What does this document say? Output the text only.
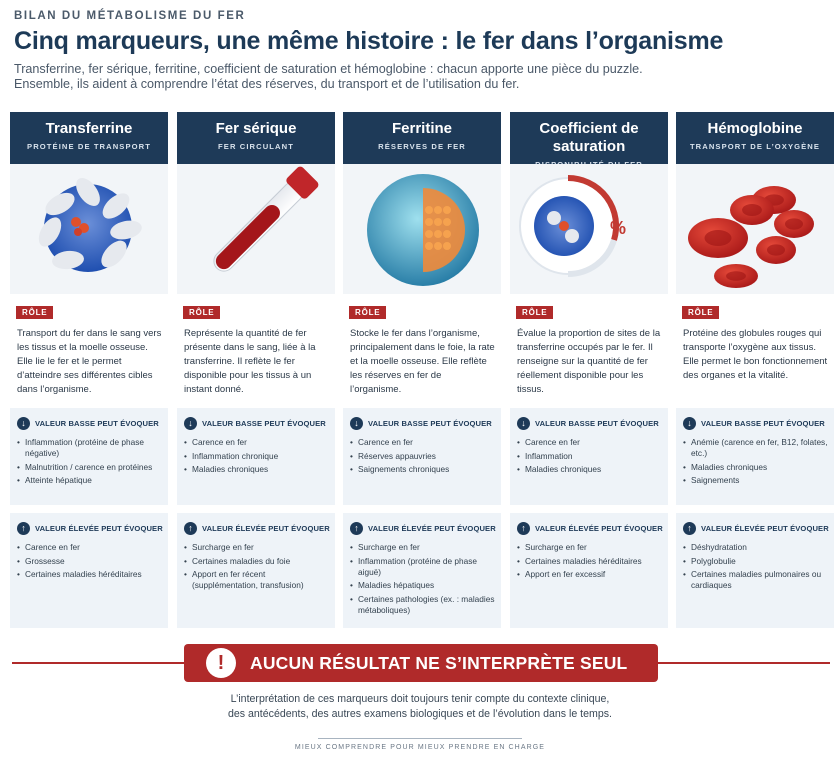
BILAN DU MÉTABOLISME DU FER
Cinq marqueurs, une même histoire : le fer dans l’organisme
Transferrine, fer sérique, ferritine, coefficient de saturation et hémoglobine : chacun apporte une pièce du puzzle.
Ensemble, ils aident à comprendre l’état des réserves, du transport et de l’utilisation du fer.
Transferrine
PROTÉINE DE TRANSPORT
RÔLE
Transport du fer dans le sang vers les tissus et la moelle osseuse. Elle lie le fer et le permet d’atteindre ses différentes cibles dans l’organisme.
↓	VALEUR BASSE PEUT ÉVOQUER
• Inflammation (protéine de phase négative)
• Malnutrition / carence en protéines
• Atteinte hépatique
↑	VALEUR ÉLEVÉE PEUT ÉVOQUER
• Carence en fer
• Grossesse
• Certaines maladies héréditaires
Fer sérique
FER CIRCULANT
RÔLE
Représente la quantité de fer présente dans le sang, liée à la transferrine. Il reflète le fer disponible pour les tissus à un instant donné.
↓	VALEUR BASSE PEUT ÉVOQUER
• Carence en fer
• Inflammation chronique
• Maladies chroniques
↑	VALEUR ÉLEVÉE PEUT ÉVOQUER
• Surcharge en fer
• Certaines maladies du foie
• Apport en fer récent (supplémentation, transfusion)
Ferritine
RÉSERVES DE FER
RÔLE
Stocke le fer dans l’organisme, principalement dans le foie, la rate et la moelle osseuse. Elle reflète les réserves en fer de l’organisme.
↓	VALEUR BASSE PEUT ÉVOQUER
• Carence en fer
• Réserves appauvries
• Saignements chroniques
↑	VALEUR ÉLEVÉE PEUT ÉVOQUER
• Surcharge en fer
• Inflammation (protéine de phase aiguë)
• Maladies hépatiques
• Certaines pathologies (ex. : maladies métaboliques)
Coefficient de saturation
%
RÔLE
Évalue la proportion de sites de la transferrine occupés par le fer. Il renseigne sur la quantité de fer réellement disponible pour les tissus.
↓	VALEUR BASSE PEUT ÉVOQUER
• Carence en fer
• Inflammation
• Maladies chroniques
↑	VALEUR ÉLEVÉE PEUT ÉVOQUER
• Surcharge en fer
• Certaines maladies héréditaires
• Apport en fer excessif
Hémoglobine
TRANSPORT DE L’OXYGÈNE
RÔLE
Protéine des globules rouges qui transporte l’oxygène aux tissus. Elle permet le bon fonctionnement des organes et la vitalité.
↓	VALEUR BASSE PEUT ÉVOQUER
• Anémie (carence en fer, B12, folates, etc.)
• Maladies chroniques
• Saignements
↑	VALEUR ÉLEVÉE PEUT ÉVOQUER
• Déshydratation
• Polyglobulie
• Certaines maladies pulmonaires ou cardiaques
!	AUCUN RÉSULTAT NE S’INTERPRÈTE SEUL
L’interprétation de ces marqueurs doit toujours tenir compte du contexte clinique,
des antécédents, des autres examens biologiques et de l’évolution dans le temps.
MIEUX COMPRENDRE POUR MIEUX PRENDRE EN CHARGE
